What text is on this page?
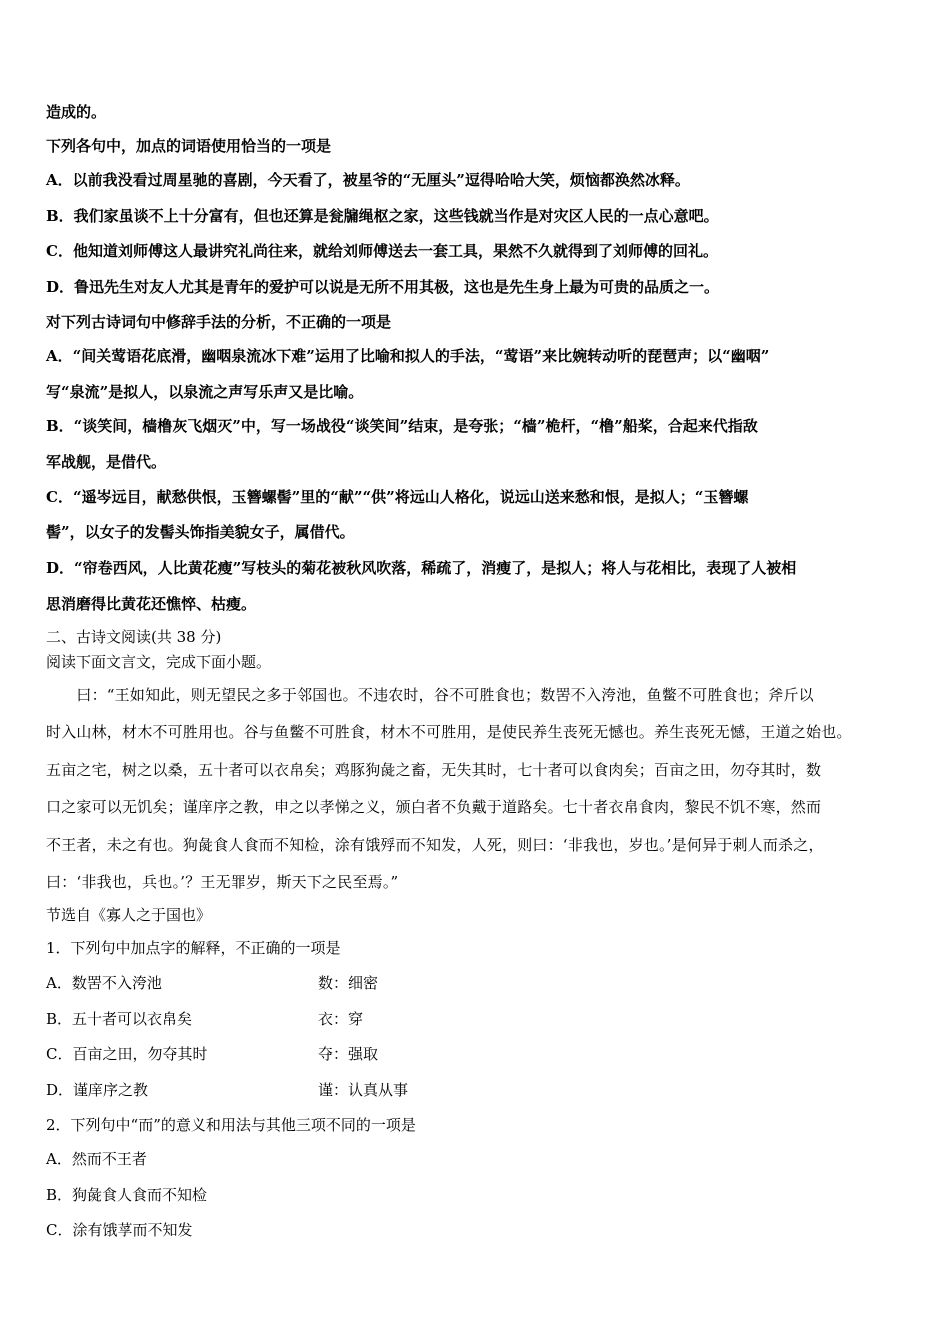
造成的。
下列各句中，加点的词语使用恰当的一项是
A．以前我没看过周星驰的喜剧，今天看了，被星爷的“无厘头”逗得哈哈大笑，烦恼都涣然冰释。
B．我们家虽谈不上十分富有，但也还算是瓮牖绳枢之家，这些钱就当作是对灾区人民的一点心意吧。
C．他知道刘师傅这人最讲究礼尚往来，就给刘师傅送去一套工具，果然不久就得到了刘师傅的回礼。
D．鲁迅先生对友人尤其是青年的爱护可以说是无所不用其极，这也是先生身上最为可贵的品质之一。
对下列古诗词句中修辞手法的分析，不正确的一项是
A．“间关莺语花底滑，幽咽泉流冰下难”运用了比喻和拟人的手法，“莺语”来比婉转动听的琵琶声；以“幽咽”
写“泉流”是拟人，以泉流之声写乐声又是比喻。
B．“谈笑间，樯橹灰飞烟灭”中，写一场战役“谈笑间”结束，是夸张；“樯”桅杆，“橹”船桨，合起来代指敌
军战舰，是借代。
C．“遥岑远目，献愁供恨，玉簪螺髻”里的“献”“供”将远山人格化，说远山送来愁和恨，是拟人；“玉簪螺
髻”，以女子的发髻头饰指美貌女子，属借代。
D．“帘卷西风，人比黄花瘦”写枝头的菊花被秋风吹落，稀疏了，消瘦了，是拟人；将人与花相比，表现了人被相
思消磨得比黄花还憔悴、枯瘦。
二、古诗文阅读(共 38 分)
阅读下面文言文，完成下面小题。
　　曰：“王如知此，则无望民之多于邻国也。不违农时，谷不可胜食也；数罟不入洿池，鱼鳖不可胜食也；斧斤以
时入山林，材木不可胜用也。谷与鱼鳖不可胜食，材木不可胜用，是使民养生丧死无憾也。养生丧死无憾，王道之始也。
五亩之宅，树之以桑，五十者可以衣帛矣；鸡豚狗彘之畜，无失其时，七十者可以食肉矣；百亩之田，勿夺其时，数
口之家可以无饥矣；谨庠序之教，申之以孝悌之义，颁白者不负戴于道路矣。七十者衣帛食肉，黎民不饥不寒，然而
不王者，未之有也。狗彘食人食而不知检，涂有饿殍而不知发，人死，则曰：‘非我也，岁也。’是何异于刺人而杀之，
曰：‘非我也，兵也。’？王无罪岁，斯天下之民至焉。”
节选自《寡人之于国也》
1．下列句中加点字的解释，不正确的一项是
A．数罟不入洿池	数：细密
B．五十者可以衣帛矣	衣：穿
C．百亩之田，勿夺其时	夺：强取
D．谨庠序之教	谨：认真从事
2．下列句中“而”的意义和用法与其他三项不同的一项是
A．然而不王者
B．狗彘食人食而不知检
C．涂有饿莩而不知发
